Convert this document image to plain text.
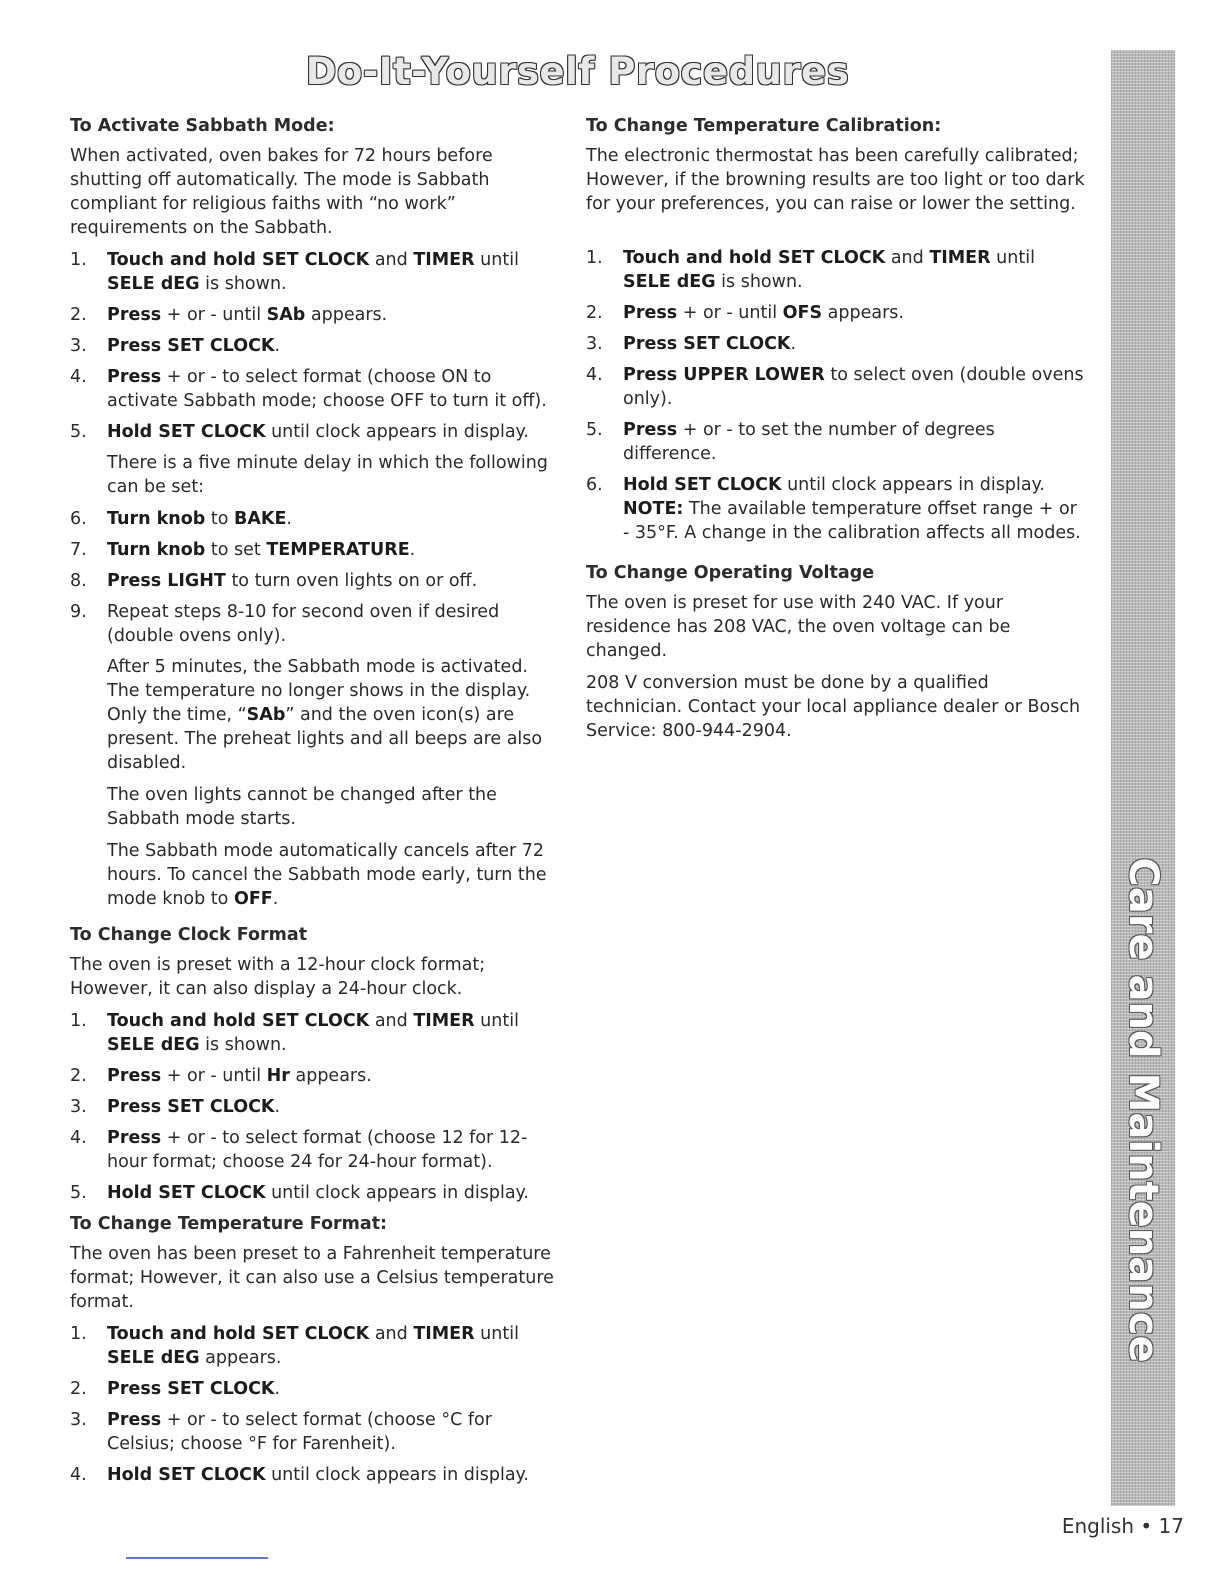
Do-It-Yourself Procedures
To Activate Sabbath Mode:

When activated, oven bakes for 72 hours before shutting off automatically. The mode is Sabbath compliant for religious faiths with “no work” requirements on the Sabbath.

1. Touch and hold SET CLOCK and TIMER until SELE dEG is shown.
2. Press + or - until SAb appears.
3. Press SET CLOCK.
4. Press + or - to select format (choose ON to activate Sabbath mode; choose OFF to turn it off).
5. Hold SET CLOCK until clock appears in display.

There is a five minute delay in which the following can be set:

6. Turn knob to BAKE.
7. Turn knob to set TEMPERATURE.
8. Press LIGHT to turn oven lights on or off.
9. Repeat steps 8-10 for second oven if desired (double ovens only).

After 5 minutes, the Sabbath mode is activated. The temperature no longer shows in the display. Only the time, “SAb” and the oven icon(s) are present. The preheat lights and all beeps are also disabled.

The oven lights cannot be changed after the Sabbath mode starts.

The Sabbath mode automatically cancels after 72 hours. To cancel the Sabbath mode early, turn the mode knob to OFF.

To Change Clock Format

The oven is preset with a 12-hour clock format; However, it can also display a 24-hour clock.

1. Touch and hold SET CLOCK and TIMER until SELE dEG is shown.
2. Press + or - until Hr appears.
3. Press SET CLOCK.
4. Press + or - to select format (choose 12 for 12-hour format; choose 24 for 24-hour format).
5. Hold SET CLOCK until clock appears in display.
To Change Temperature Format:

The oven has been preset to a Fahrenheit temperature format; However, it can also use a Celsius temperature format.

1. Touch and hold SET CLOCK and TIMER until SELE dEG appears.
2. Press SET CLOCK.
3. Press + or - to select format (choose °C for Celsius; choose °F for Farenheit).
4. Hold SET CLOCK until clock appears in display.
To Change Temperature Calibration:

The electronic thermostat has been carefully calibrated; However, if the browning results are too light or too dark for your preferences, you can raise or lower the setting.

1. Touch and hold SET CLOCK and TIMER until SELE dEG is shown.
2. Press + or - until OFS appears.
3. Press SET CLOCK.
4. Press UPPER LOWER to select oven (double ovens only).
5. Press + or - to set the number of degrees difference.
6. Hold SET CLOCK until clock appears in display. NOTE: The available temperature offset range + or - 35°F. A change in the calibration affects all modes.
To Change Operating Voltage

The oven is preset for use with 240 VAC. If your residence has 208 VAC, the oven voltage can be changed.

208 V conversion must be done by a qualified technician. Contact your local appliance dealer or Bosch Service: 800-944-2904.

Care and Maintenance
English • 17
